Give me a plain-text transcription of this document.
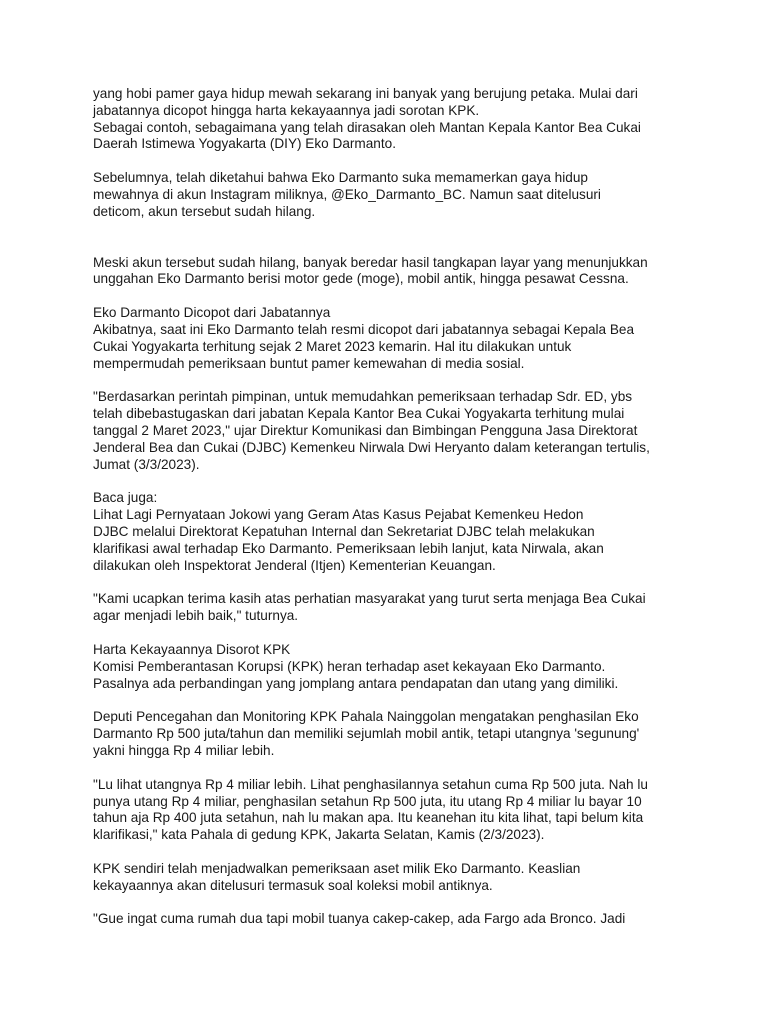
yang hobi pamer gaya hidup mewah sekarang ini banyak yang berujung petaka. Mulai dari
jabatannya dicopot hingga harta kekayaannya jadi sorotan KPK.
Sebagai contoh, sebagaimana yang telah dirasakan oleh Mantan Kepala Kantor Bea Cukai
Daerah Istimewa Yogyakarta (DIY) Eko Darmanto.

Sebelumnya, telah diketahui bahwa Eko Darmanto suka memamerkan gaya hidup
mewahnya di akun Instagram miliknya, @Eko_Darmanto_BC. Namun saat ditelusuri
deticom, akun tersebut sudah hilang.

Meski akun tersebut sudah hilang, banyak beredar hasil tangkapan layar yang menunjukkan
unggahan Eko Darmanto berisi motor gede (moge), mobil antik, hingga pesawat Cessna.

Eko Darmanto Dicopot dari Jabatannya
Akibatnya, saat ini Eko Darmanto telah resmi dicopot dari jabatannya sebagai Kepala Bea
Cukai Yogyakarta terhitung sejak 2 Maret 2023 kemarin. Hal itu dilakukan untuk
mempermudah pemeriksaan buntut pamer kemewahan di media sosial.

"Berdasarkan perintah pimpinan, untuk memudahkan pemeriksaan terhadap Sdr. ED, ybs
telah dibebastugaskan dari jabatan Kepala Kantor Bea Cukai Yogyakarta terhitung mulai
tanggal 2 Maret 2023," ujar Direktur Komunikasi dan Bimbingan Pengguna Jasa Direktorat
Jenderal Bea dan Cukai (DJBC) Kemenkeu Nirwala Dwi Heryanto dalam keterangan tertulis,
Jumat (3/3/2023).

Baca juga:
Lihat Lagi Pernyataan Jokowi yang Geram Atas Kasus Pejabat Kemenkeu Hedon
DJBC melalui Direktorat Kepatuhan Internal dan Sekretariat DJBC telah melakukan
klarifikasi awal terhadap Eko Darmanto. Pemeriksaan lebih lanjut, kata Nirwala, akan
dilakukan oleh Inspektorat Jenderal (Itjen) Kementerian Keuangan.

"Kami ucapkan terima kasih atas perhatian masyarakat yang turut serta menjaga Bea Cukai
agar menjadi lebih baik," tuturnya.

Harta Kekayaannya Disorot KPK
Komisi Pemberantasan Korupsi (KPK) heran terhadap aset kekayaan Eko Darmanto.
Pasalnya ada perbandingan yang jomplang antara pendapatan dan utang yang dimiliki.

Deputi Pencegahan dan Monitoring KPK Pahala Nainggolan mengatakan penghasilan Eko
Darmanto Rp 500 juta/tahun dan memiliki sejumlah mobil antik, tetapi utangnya 'segunung'
yakni hingga Rp 4 miliar lebih.

"Lu lihat utangnya Rp 4 miliar lebih. Lihat penghasilannya setahun cuma Rp 500 juta. Nah lu
punya utang Rp 4 miliar, penghasilan setahun Rp 500 juta, itu utang Rp 4 miliar lu bayar 10
tahun aja Rp 400 juta setahun, nah lu makan apa. Itu keanehan itu kita lihat, tapi belum kita
klarifikasi," kata Pahala di gedung KPK, Jakarta Selatan, Kamis (2/3/2023).

KPK sendiri telah menjadwalkan pemeriksaan aset milik Eko Darmanto. Keaslian
kekayaannya akan ditelusuri termasuk soal koleksi mobil antiknya.

"Gue ingat cuma rumah dua tapi mobil tuanya cakep-cakep, ada Fargo ada Bronco. Jadi
